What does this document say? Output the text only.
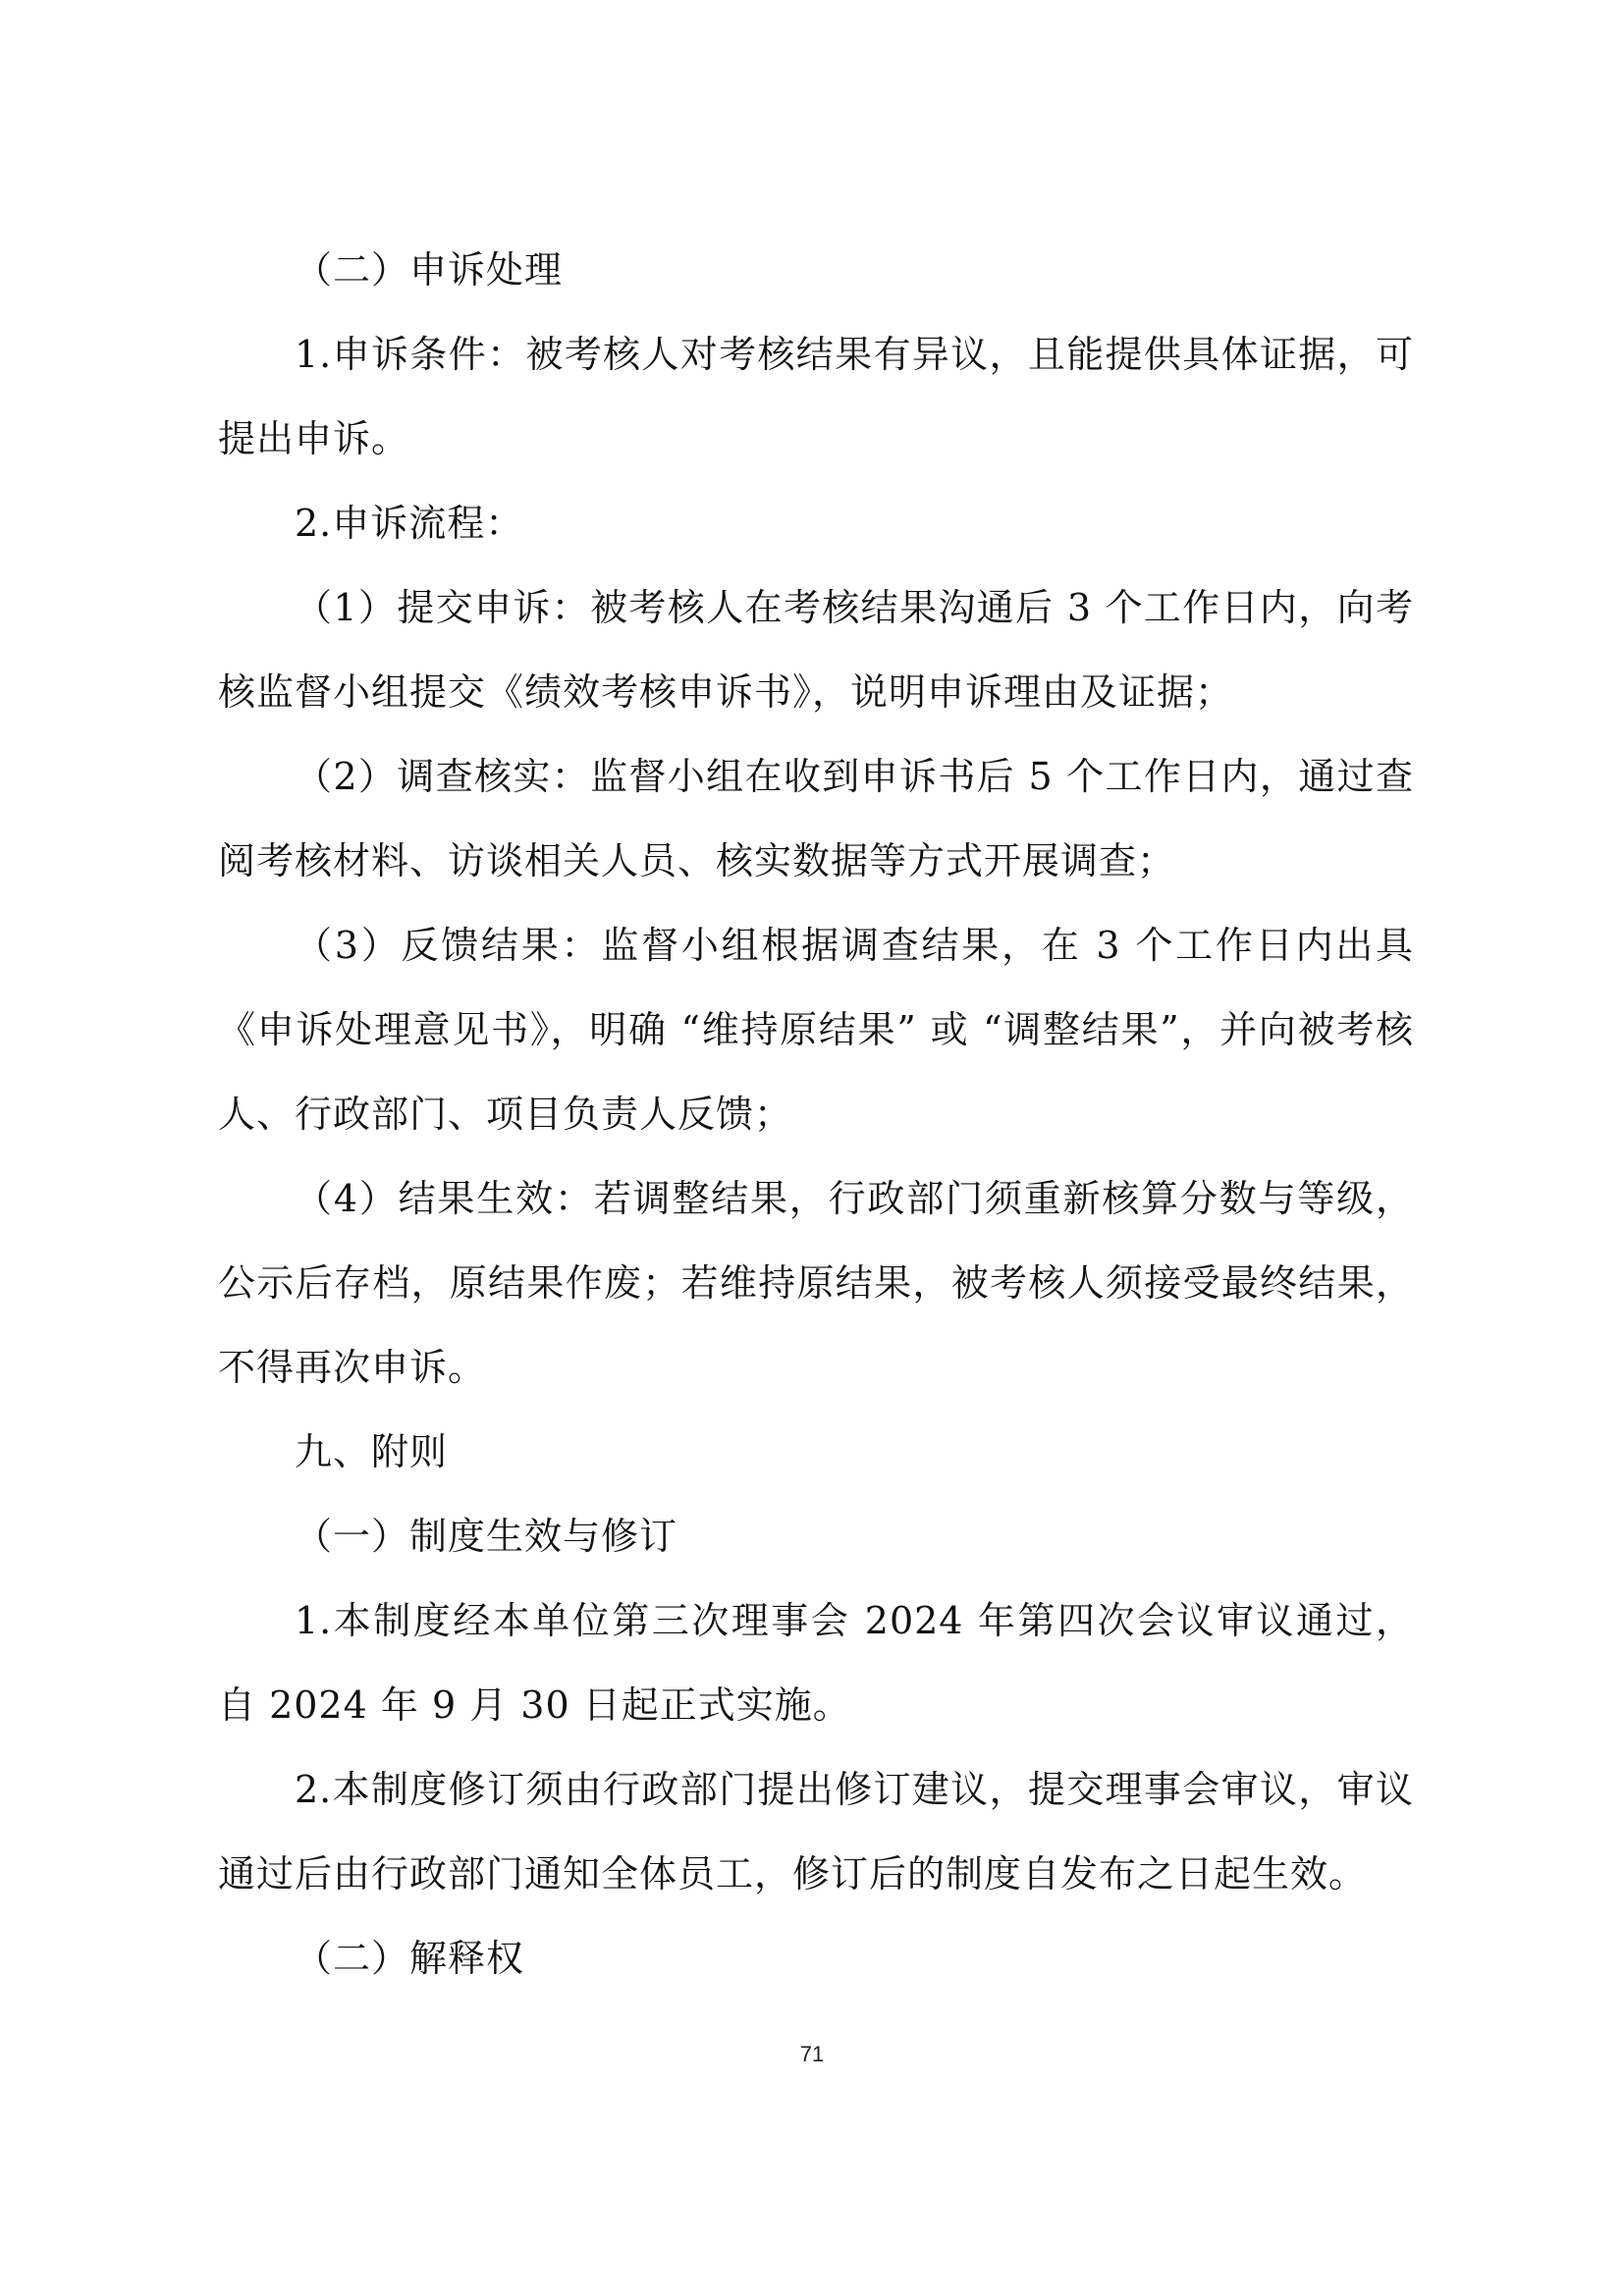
（二）申诉处理

1.申诉条件：被考核人对考核结果有异议，且能提供具体证据，可提出申诉。

2.申诉流程：

（1）提交申诉：被考核人在考核结果沟通后 3 个工作日内，向考核监督小组提交《绩效考核申诉书》，说明申诉理由及证据；

（2）调查核实：监督小组在收到申诉书后 5 个工作日内，通过查阅考核材料、访谈相关人员、核实数据等方式开展调查；

（3）反馈结果：监督小组根据调查结果，在 3 个工作日内出具《申诉处理意见书》，明确 “维持原结果” 或 “调整结果”，并向被考核人、行政部门、项目负责人反馈；

（4）结果生效：若调整结果，行政部门须重新核算分数与等级，公示后存档，原结果作废；若维持原结果，被考核人须接受最终结果，不得再次申诉。

九、附则

（一）制度生效与修订

1.本制度经本单位第三次理事会 2024 年第四次会议审议通过，自 2024 年 9 月 30 日起正式实施。

2.本制度修订须由行政部门提出修订建议，提交理事会审议，审议通过后由行政部门通知全体员工，修订后的制度自发布之日起生效。

（二）解释权

71
